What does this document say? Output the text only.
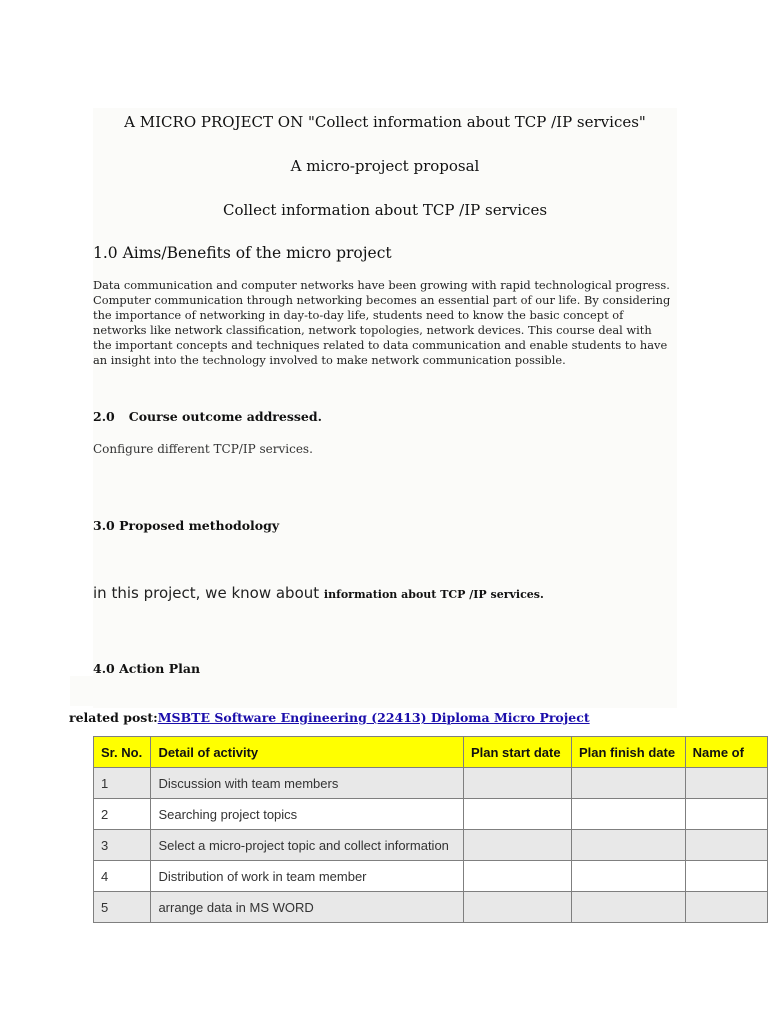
A MICRO PROJECT ON "Collect information about TCP /IP services"
A micro-project proposal
Collect information about TCP /IP services
1.0 Aims/Benefits of the micro project

Data communication and computer networks have been growing with rapid technological progress. Computer communication through networking becomes an essential part of our life. By considering the importance of networking in day-to-day life, students need to know the basic concept of networks like network classification, network topologies, network devices. This course deal with the important concepts and techniques related to data communication and enable students to have an insight into the technology involved to make network communication possible.

2.0 Course outcome addressed.
Configure different TCP/IP services.
3.0 Proposed methodology
in this project, we know about information about TCP /IP services.
4.0 Action Plan
related post:MSBTE Software Engineering (22413) Diploma Micro Project
Sr. No.	Detail of activity	Plan start date	Plan finish date	Name of
1	Discussion with team members			
2	Searching project topics			
3	Select a micro-project topic and collect information			
4	Distribution of work in team member			
5	arrange data in MS WORD			
